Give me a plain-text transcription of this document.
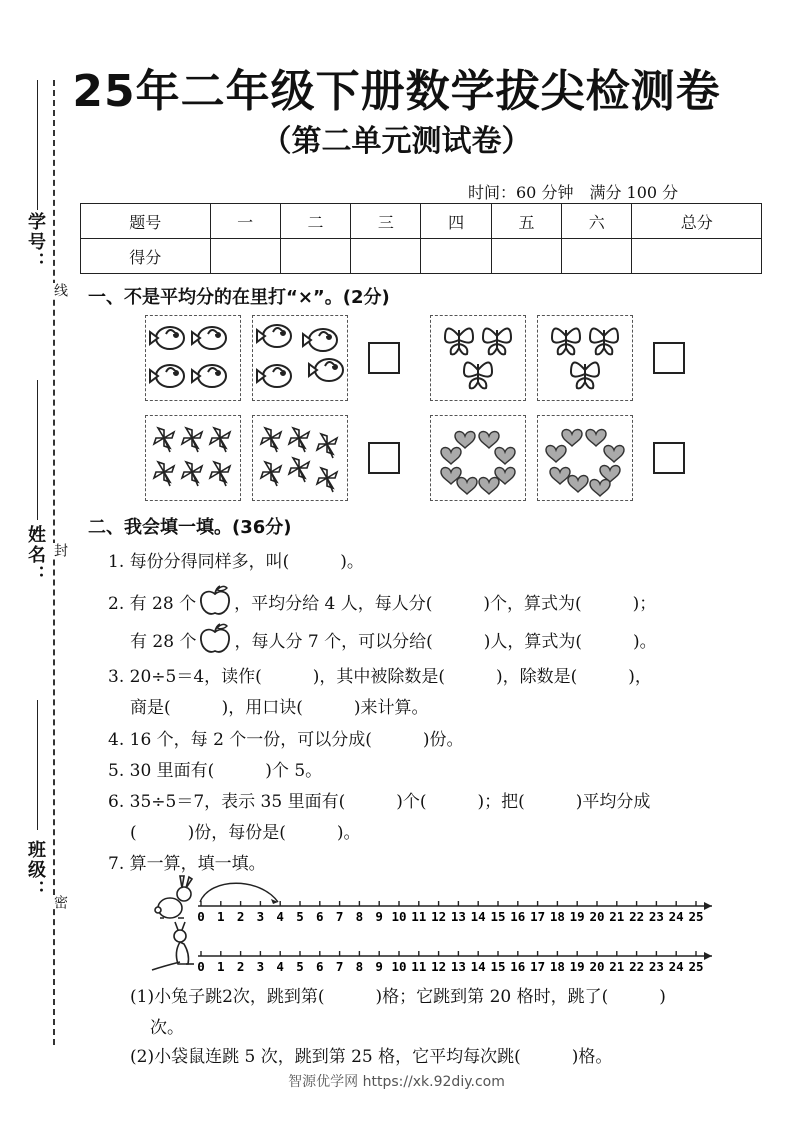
学号：
线
姓名： 封
班级：
密
25年二年级下册数学拔尖检测卷
（第二单元测试卷）
时间：60 分钟　满分 100 分
题号	一	二	三	四	五	六	总分
得分							
一、不是平均分的在里打“×”。(2分)
二、我会填一填。(36分)
1. 每份分得同样多，叫(　　　)。
2. 有 28 个 ，平均分给 4 人，每人分(　　　)个，算式为(　　　)；
有 28 个 ，每人分 7 个，可以分给(　　　)人，算式为(　　　)。
3. 20÷5＝4，读作(　　　)，其中被除数是(　　　)，除数是(　　　)，
商是(　　　)，用口诀(　　　)来计算。
4. 16 个，每 2 个一份，可以分成(　　　)份。
5. 30 里面有(　　　)个 5。
6. 35÷5＝7，表示 35 里面有(　　　)个(　　　)；把(　　　)平均分成
(　　　)份，每份是(　　　)。
7. 算一算，填一填。
0 1 2 3 4 5 6 7 8 9 10 11 12 13 14 15 16 17 18 19 20 21 22 23 24 25
0 1 2 3 4 5 6 7 8 9 10 11 12 13 14 15 16 17 18 19 20 21 22 23 24 25
(1)小兔子跳2次，跳到第(　　　)格；它跳到第 20 格时，跳了(　　　)
次。
(2)小袋鼠连跳 5 次，跳到第 25 格，它平均每次跳(　　　)格。
智源优学网 https://xk.92diy.com
